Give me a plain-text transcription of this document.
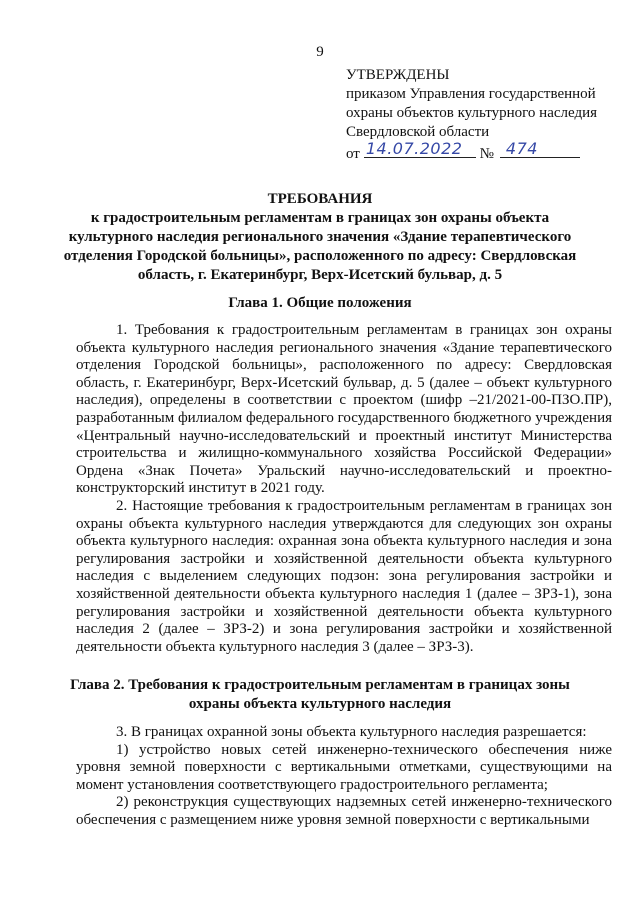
9
УТВЕРЖДЕНЫ
приказом Управления государственной
охраны объектов культурного наследия
Свердловской области
от 14.07.2022 № 474
ТРЕБОВАНИЯ
к градостроительным регламентам в границах зон охраны объекта культурного наследия регионального значения «Здание терапевтического отделения Городской больницы», расположенного по адресу: Свердловская область, г. Екатеринбург, Верх-Исетский бульвар, д. 5
Глава 1. Общие положения

1. Требования к градостроительным регламентам в границах зон охраны объекта культурного наследия регионального значения «Здание терапевтического отделения Городской больницы», расположенного по адресу: Свердловская область, г. Екатеринбург, Верх-Исетский бульвар, д. 5 (далее – объект культурного наследия), определены в соответствии с проектом (шифр –21/2021-00-ПЗО.ПР), разработанным филиалом федерального государственного бюджетного учреждения «Центральный научно-исследовательский и проектный институт Министерства строительства и жилищно-коммунального хозяйства Российской Федерации» Ордена «Знак Почета» Уральский научно-исследовательский и проектно-конструкторский институт в 2021 году.

2. Настоящие требования к градостроительным регламентам в границах зон охраны объекта культурного наследия утверждаются для следующих зон охраны объекта культурного наследия: охранная зона объекта культурного наследия и зона регулирования застройки и хозяйственной деятельности объекта культурного наследия с выделением следующих подзон: зона регулирования застройки и хозяйственной деятельности объекта культурного наследия 1 (далее – ЗРЗ-1), зона регулирования застройки и хозяйственной деятельности объекта культурного наследия 2 (далее – ЗРЗ-2) и зона регулирования застройки и хозяйственной деятельности объекта культурного наследия 3 (далее – ЗРЗ-3).

Глава 2. Требования к градостроительным регламентам в границах зоны охраны объекта культурного наследия

3. В границах охранной зоны объекта культурного наследия разрешается:

1) устройство новых сетей инженерно-технического обеспечения ниже уровня земной поверхности с вертикальными отметками, существующими на момент установления соответствующего градостроительного регламента;

2) реконструкция существующих надземных сетей инженерно-технического обеспечения с размещением ниже уровня земной поверхности с вертикальными
